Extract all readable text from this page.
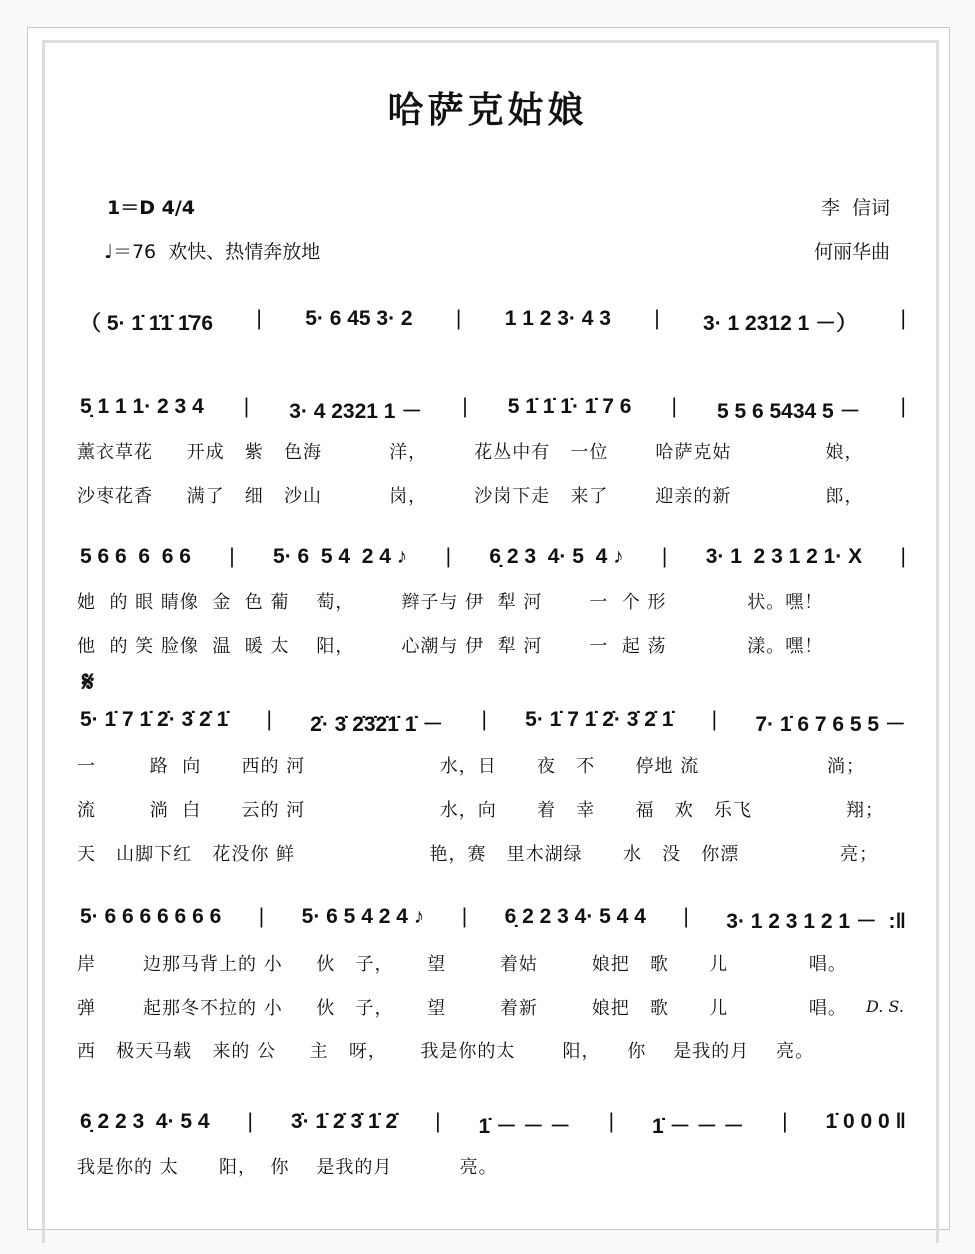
哈萨克姑娘
1＝D 4/4
♩＝76  欢快、热情奔放地
李  信词
何丽华曲
（ 5· 1̇ 1̇1̇ 1̇76 | 5· 6 45 3· 2 | 1 1 2 3· 4 3 | 3· 1 2312 1 －） |
5̣ 1 1 1· 2 3 4 | 3· 4 2321 1 － | 5 1̇ 1̇ 1̇· 1̇ 7 6 | 5 5 6 5434 5 － |
薰衣草花     开成   紫   色海          洋，       花丛中有   一位       哈萨克姑              娘，
沙枣花香     满了   细   沙山          岗，       沙岗下走   来了       迎亲的新              郎，
5 6 6  6  6 6 | 5· 6  5 4  2 4 ♪ | 6̣ 2 3  4· 5  4 ♪ | 3· 1  2 3 1 2 1· X |
她  的 眼 睛像  金  色 葡    萄，       辫子与 伊  犁 河       一  个 形            状。嘿！
他  的 笑 脸像  温  暖 太    阳，       心潮与 伊  犁 河       一  起 荡            漾。嘿！
5· 1̇ 7 1̇ 2̇· 3̇ 2̇ 1̇ | 2̇· 3̇ 2̇3̇2̇1̇ 1̇ － | 5· 1̇ 7 1̇ 2̇· 3̇ 2̇ 1̇ | 7· 1̇ 6 7 6 5 5 －
一        路  向      西的 河                    水，日      夜   不      停地 流                   淌；
流        淌  白      云的 河                    水，向      着   幸      福   欢   乐飞              翔；
天   山脚下红   花没你 鲜                    艳，赛   里木湖绿      水   没   你漂               亮；
5· 6 6 6 6 6 6 6 | 5· 6 5 4 2 4 ♪ | 6̣ 2 2 3 4· 5 4 4 | 3· 1 2 3 1 2 1 －  :‖
岸       边那马背上的 小     伙   子，     望        着姑        娘把   歌      儿            唱。
弹       起那冬不拉的 小     伙   子，     望        着新        娘把   歌      儿            唱。
西   极天马载   来的 公     主   呀，     我是你的太       阳，    你    是我的月    亮。
6̣ 2 2 3  4· 5 4 | 3̇· 1̇ 2̇ 3̇ 1̇ 2̇ | 1̇ － － － | 1̇ － － － | 1̇ 0 0 0 ‖
我是你的 太      阳，  你    是我的月          亮。
𝄋
D. S.
